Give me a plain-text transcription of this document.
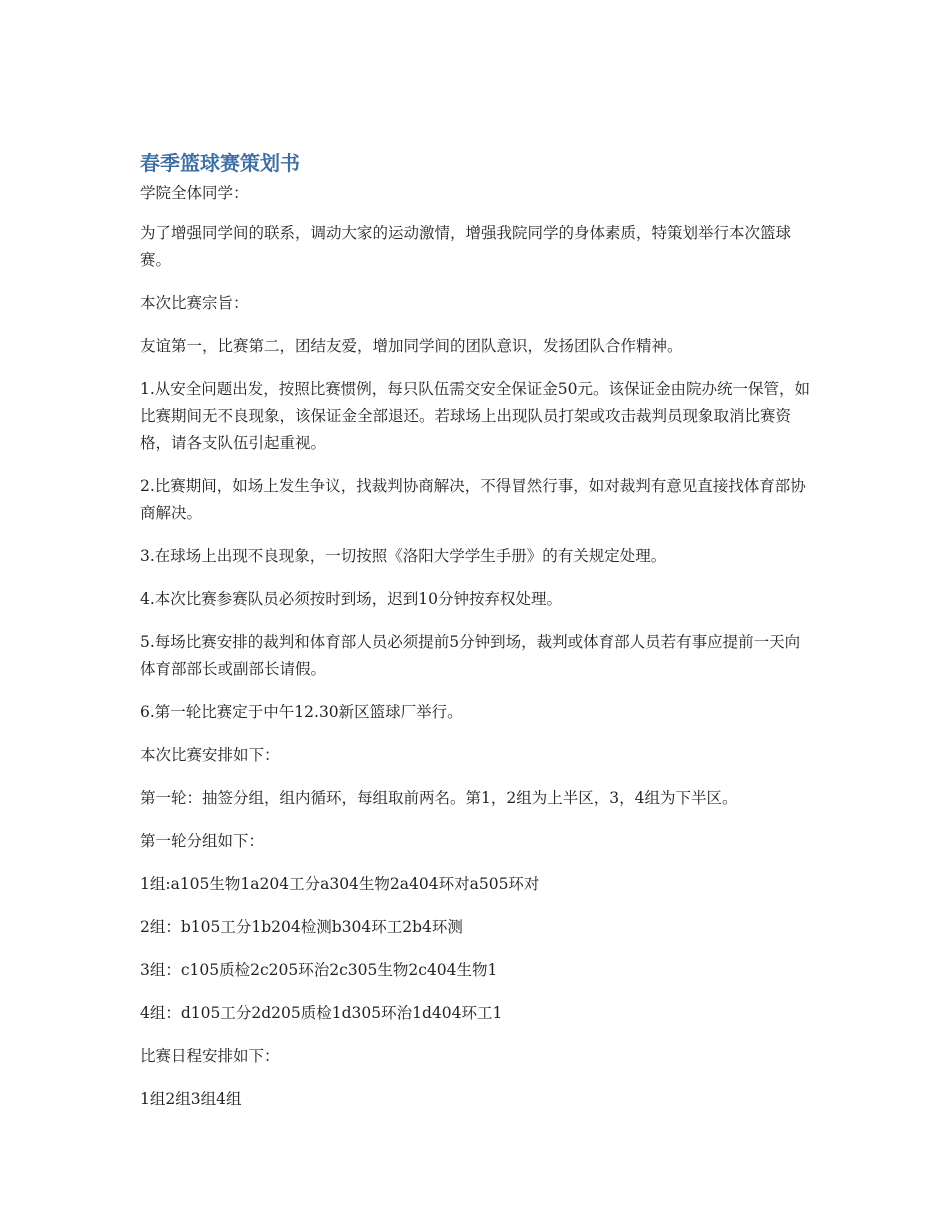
春季篮球赛策划书

学院全体同学：

为了增强同学间的联系，调动大家的运动激情，增强我院同学的身体素质，特策划举行本次篮球赛。

本次比赛宗旨：

友谊第一，比赛第二，团结友爱，增加同学间的团队意识，发扬团队合作精神。

1.从安全问题出发，按照比赛惯例，每只队伍需交安全保证金50元。该保证金由院办统一保管，如比赛期间无不良现象，该保证金全部退还。若球场上出现队员打架或攻击裁判员现象取消比赛资格，请各支队伍引起重视。

2.比赛期间，如场上发生争议，找裁判协商解决，不得冒然行事，如对裁判有意见直接找体育部协商解决。

3.在球场上出现不良现象，一切按照《洛阳大学学生手册》的有关规定处理。

4.本次比赛参赛队员必须按时到场，迟到10分钟按弃权处理。

5.每场比赛安排的裁判和体育部人员必须提前5分钟到场，裁判或体育部人员若有事应提前一天向体育部部长或副部长请假。

6.第一轮比赛定于中午12.30新区篮球厂举行。

本次比赛安排如下：

第一轮：抽签分组，组内循环，每组取前两名。第1，2组为上半区，3，4组为下半区。

第一轮分组如下：

1组:a105生物1a204工分a304生物2a404环对a505环对

2组：b105工分1b204检测b304环工2b4环测

3组：c105质检2c205环治2c305生物2c404生物1

4组：d105工分2d205质检1d305环治1d404环工1

比赛日程安排如下：

1组2组3组4组
